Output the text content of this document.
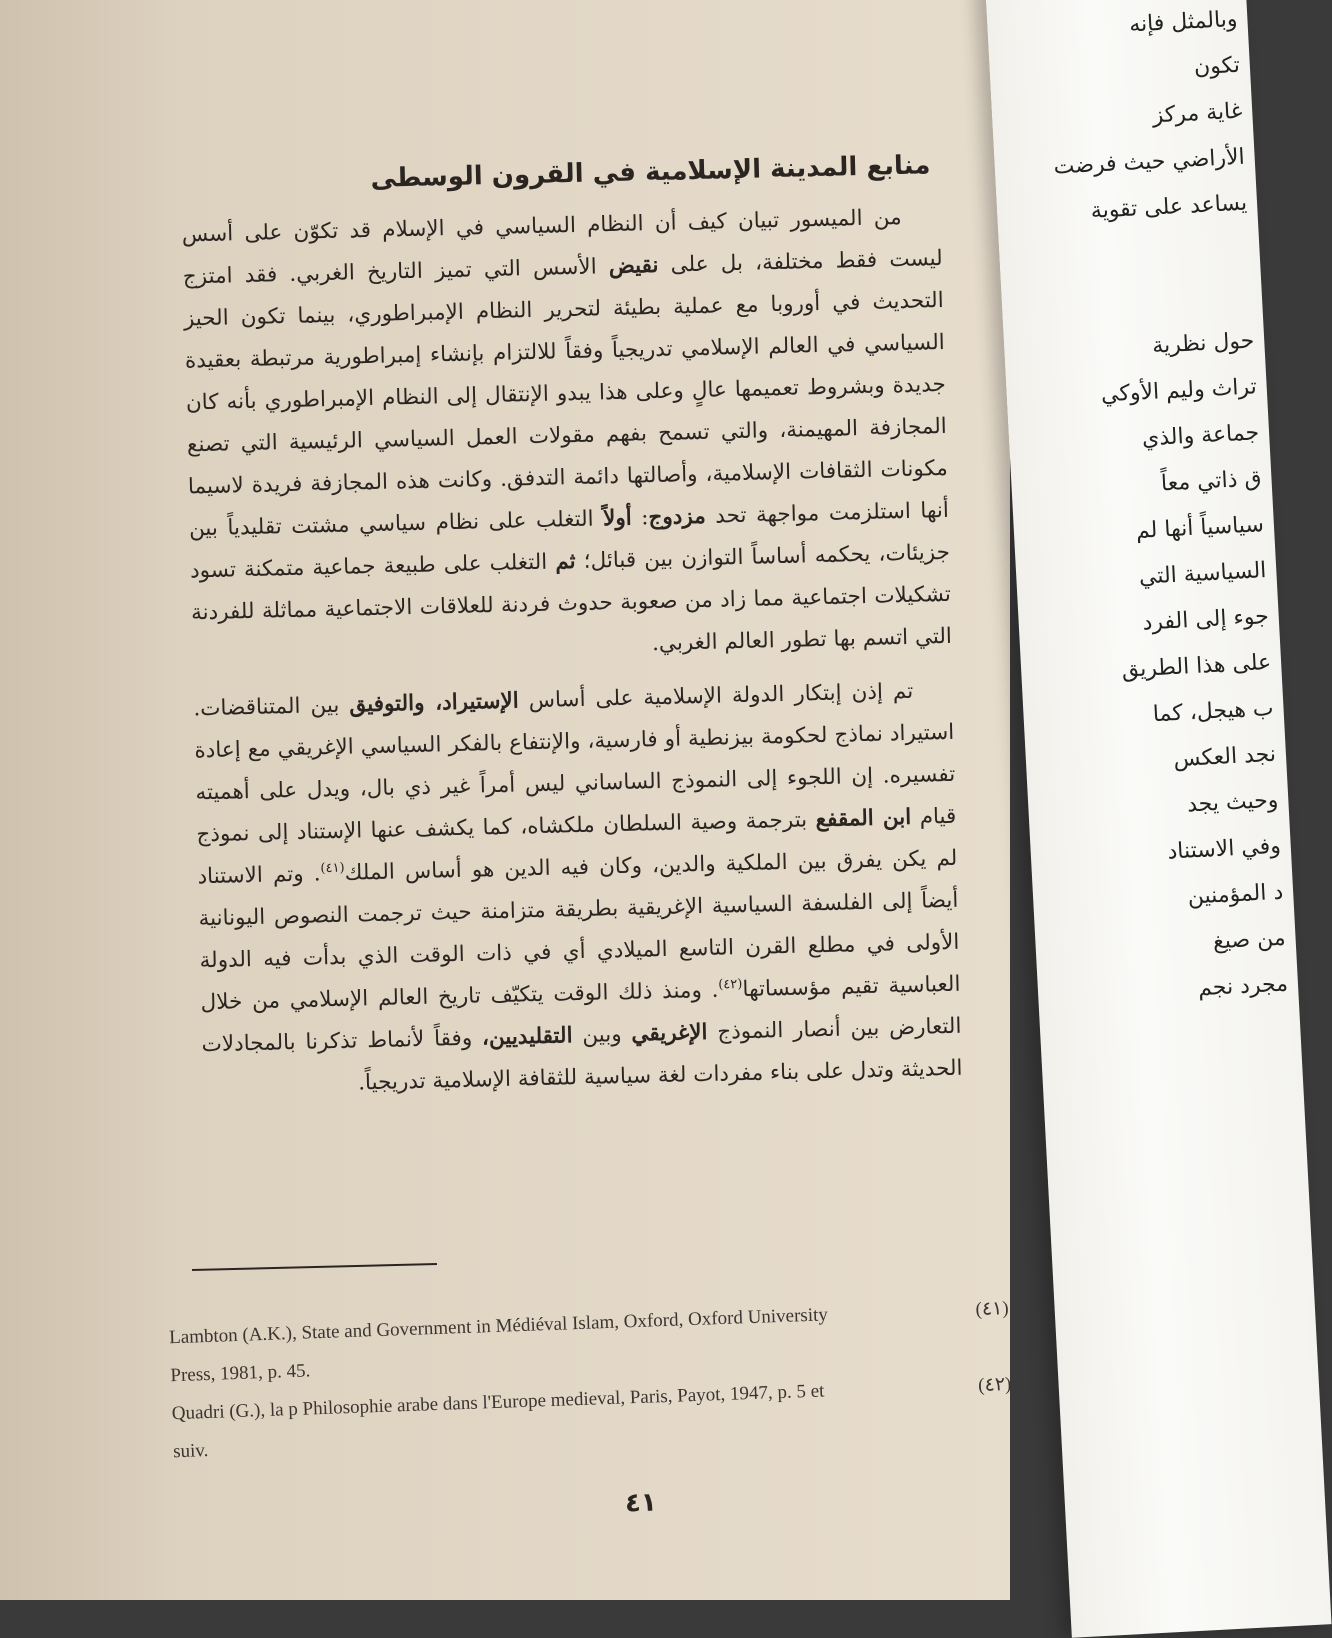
منابع المدينة الإسلامية في القرون الوسطى

من الميسور تبيان كيف أن النظام السياسي في الإسلام قد تكوّن على أسس ليست فقط مختلفة، بل على نقيض الأسس التي تميز التاريخ الغربي. فقد امتزج التحديث في أوروبا مع عملية بطيئة لتحرير النظام الإمبراطوري، بينما تكون الحيز السياسي في العالم الإسلامي تدريجياً وفقاً للالتزام بإنشاء إمبراطورية مرتبطة بعقيدة جديدة وبشروط تعميمها عالٍ وعلى هذا يبدو الإنتقال إلى النظام الإمبراطوري بأنه كان المجازفة المهيمنة، والتي تسمح بفهم مقولات العمل السياسي الرئيسية التي تصنع مكونات الثقافات الإسلامية، وأصالتها دائمة التدفق. وكانت هذه المجازفة فريدة لاسيما أنها استلزمت مواجهة تحد مزدوج: أولاً التغلب على نظام سياسي مشتت تقليدياً بين جزيئات، يحكمه أساساً التوازن بين قبائل؛ ثم التغلب على طبيعة جماعية متمكنة تسود تشكيلات اجتماعية مما زاد من صعوبة حدوث فردنة للعلاقات الاجتماعية مماثلة للفردنة التي اتسم بها تطور العالم الغربي.

تم إذن إبتكار الدولة الإسلامية على أساس الإستيراد، والتوفيق بين المتناقضات. استيراد نماذج لحكومة بيزنطية أو فارسية، والإنتفاع بالفكر السياسي الإغريقي مع إعادة تفسيره. إن اللجوء إلى النموذج الساساني ليس أمراً غير ذي بال، ويدل على أهميته قيام ابن المقفع بترجمة وصية السلطان ملكشاه، كما يكشف عنها الإستناد إلى نموذج لم يكن يفرق بين الملكية والدين، وكان فيه الدين هو أساس الملك$^{(٤١)}$. وتم الاستناد أيضاً إلى الفلسفة السياسية الإغريقية بطريقة متزامنة حيث ترجمت النصوص اليونانية الأولى في مطلع القرن التاسع الميلادي أي في ذات الوقت الذي بدأت فيه الدولة العباسية تقيم مؤسساتها$^{(٤٢)}$. ومنذ ذلك الوقت يتكيّف تاريخ العالم الإسلامي من خلال التعارض بين أنصار النموذج الإغريقي وبين التقليديين، وفقاً لأنماط تذكرنا بالمجادلات الحديثة وتدل على بناء مفردات لغة سياسية للثقافة الإسلامية تدريجياً.

Lambton (A.K.), State and Government in Médiéval Islam, Oxford, Oxford University	(٤١)
Press, 1981, p. 45.
Quadri (G.), la p Philosophie arabe dans l'Europe medieval, Paris, Payot, 1947, p. 5 et	(٤٢)
suiv.
٤١
وبالمثل فإنه
تكون
غاية مركز
الأراضي حيث فرضت
يساعد على تقوية

حول نظرية
تراث وليم الأوكي
جماعة والذي
ق ذاتي معاً
سياسياً أنها لم
السياسية التي
جوء إلى الفرد
على هذا الطريق
ب هيجل، كما
نجد العكس
وحيث يجد
وفي الاستناد
د المؤمنين
من صيغ
مجرد نجم
